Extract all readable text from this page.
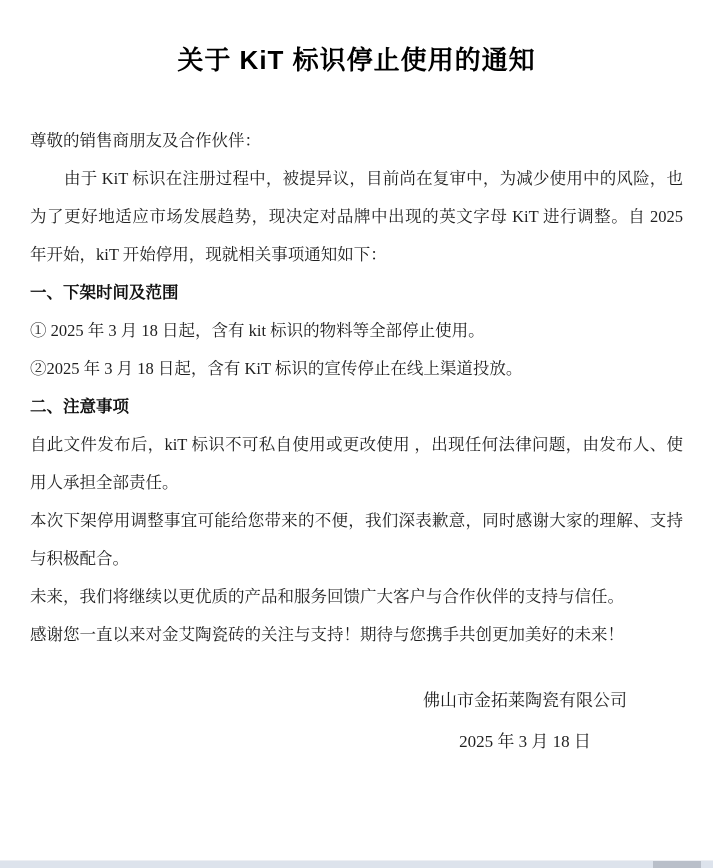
关于 KiT 标识停止使用的通知

尊敬的销售商朋友及合作伙伴：

由于 KiT 标识在注册过程中，被提异议，目前尚在复审中，为减少使用中的风险，也为了更好地适应市场发展趋势，现决定对品牌中出现的英文字母 KiT 进行调整。自 2025 年开始，kiT 开始停用，现就相关事项通知如下：

一、下架时间及范围

① 2025 年 3 月 18 日起，含有 kit 标识的物料等全部停止使用。

②2025 年 3 月 18 日起，含有 KiT 标识的宣传停止在线上渠道投放。

二、注意事项

自此文件发布后，kiT 标识不可私自使用或更改使用 ，出现任何法律问题，由发布人、使用人承担全部责任。

本次下架停用调整事宜可能给您带来的不便，我们深表歉意，同时感谢大家的理解、支持与积极配合。

未来，我们将继续以更优质的产品和服务回馈广大客户与合作伙伴的支持与信任。

感谢您一直以来对金艾陶瓷砖的关注与支持！期待与您携手共创更加美好的未来！

佛山市金拓莱陶瓷有限公司
2025 年 3 月 18 日
